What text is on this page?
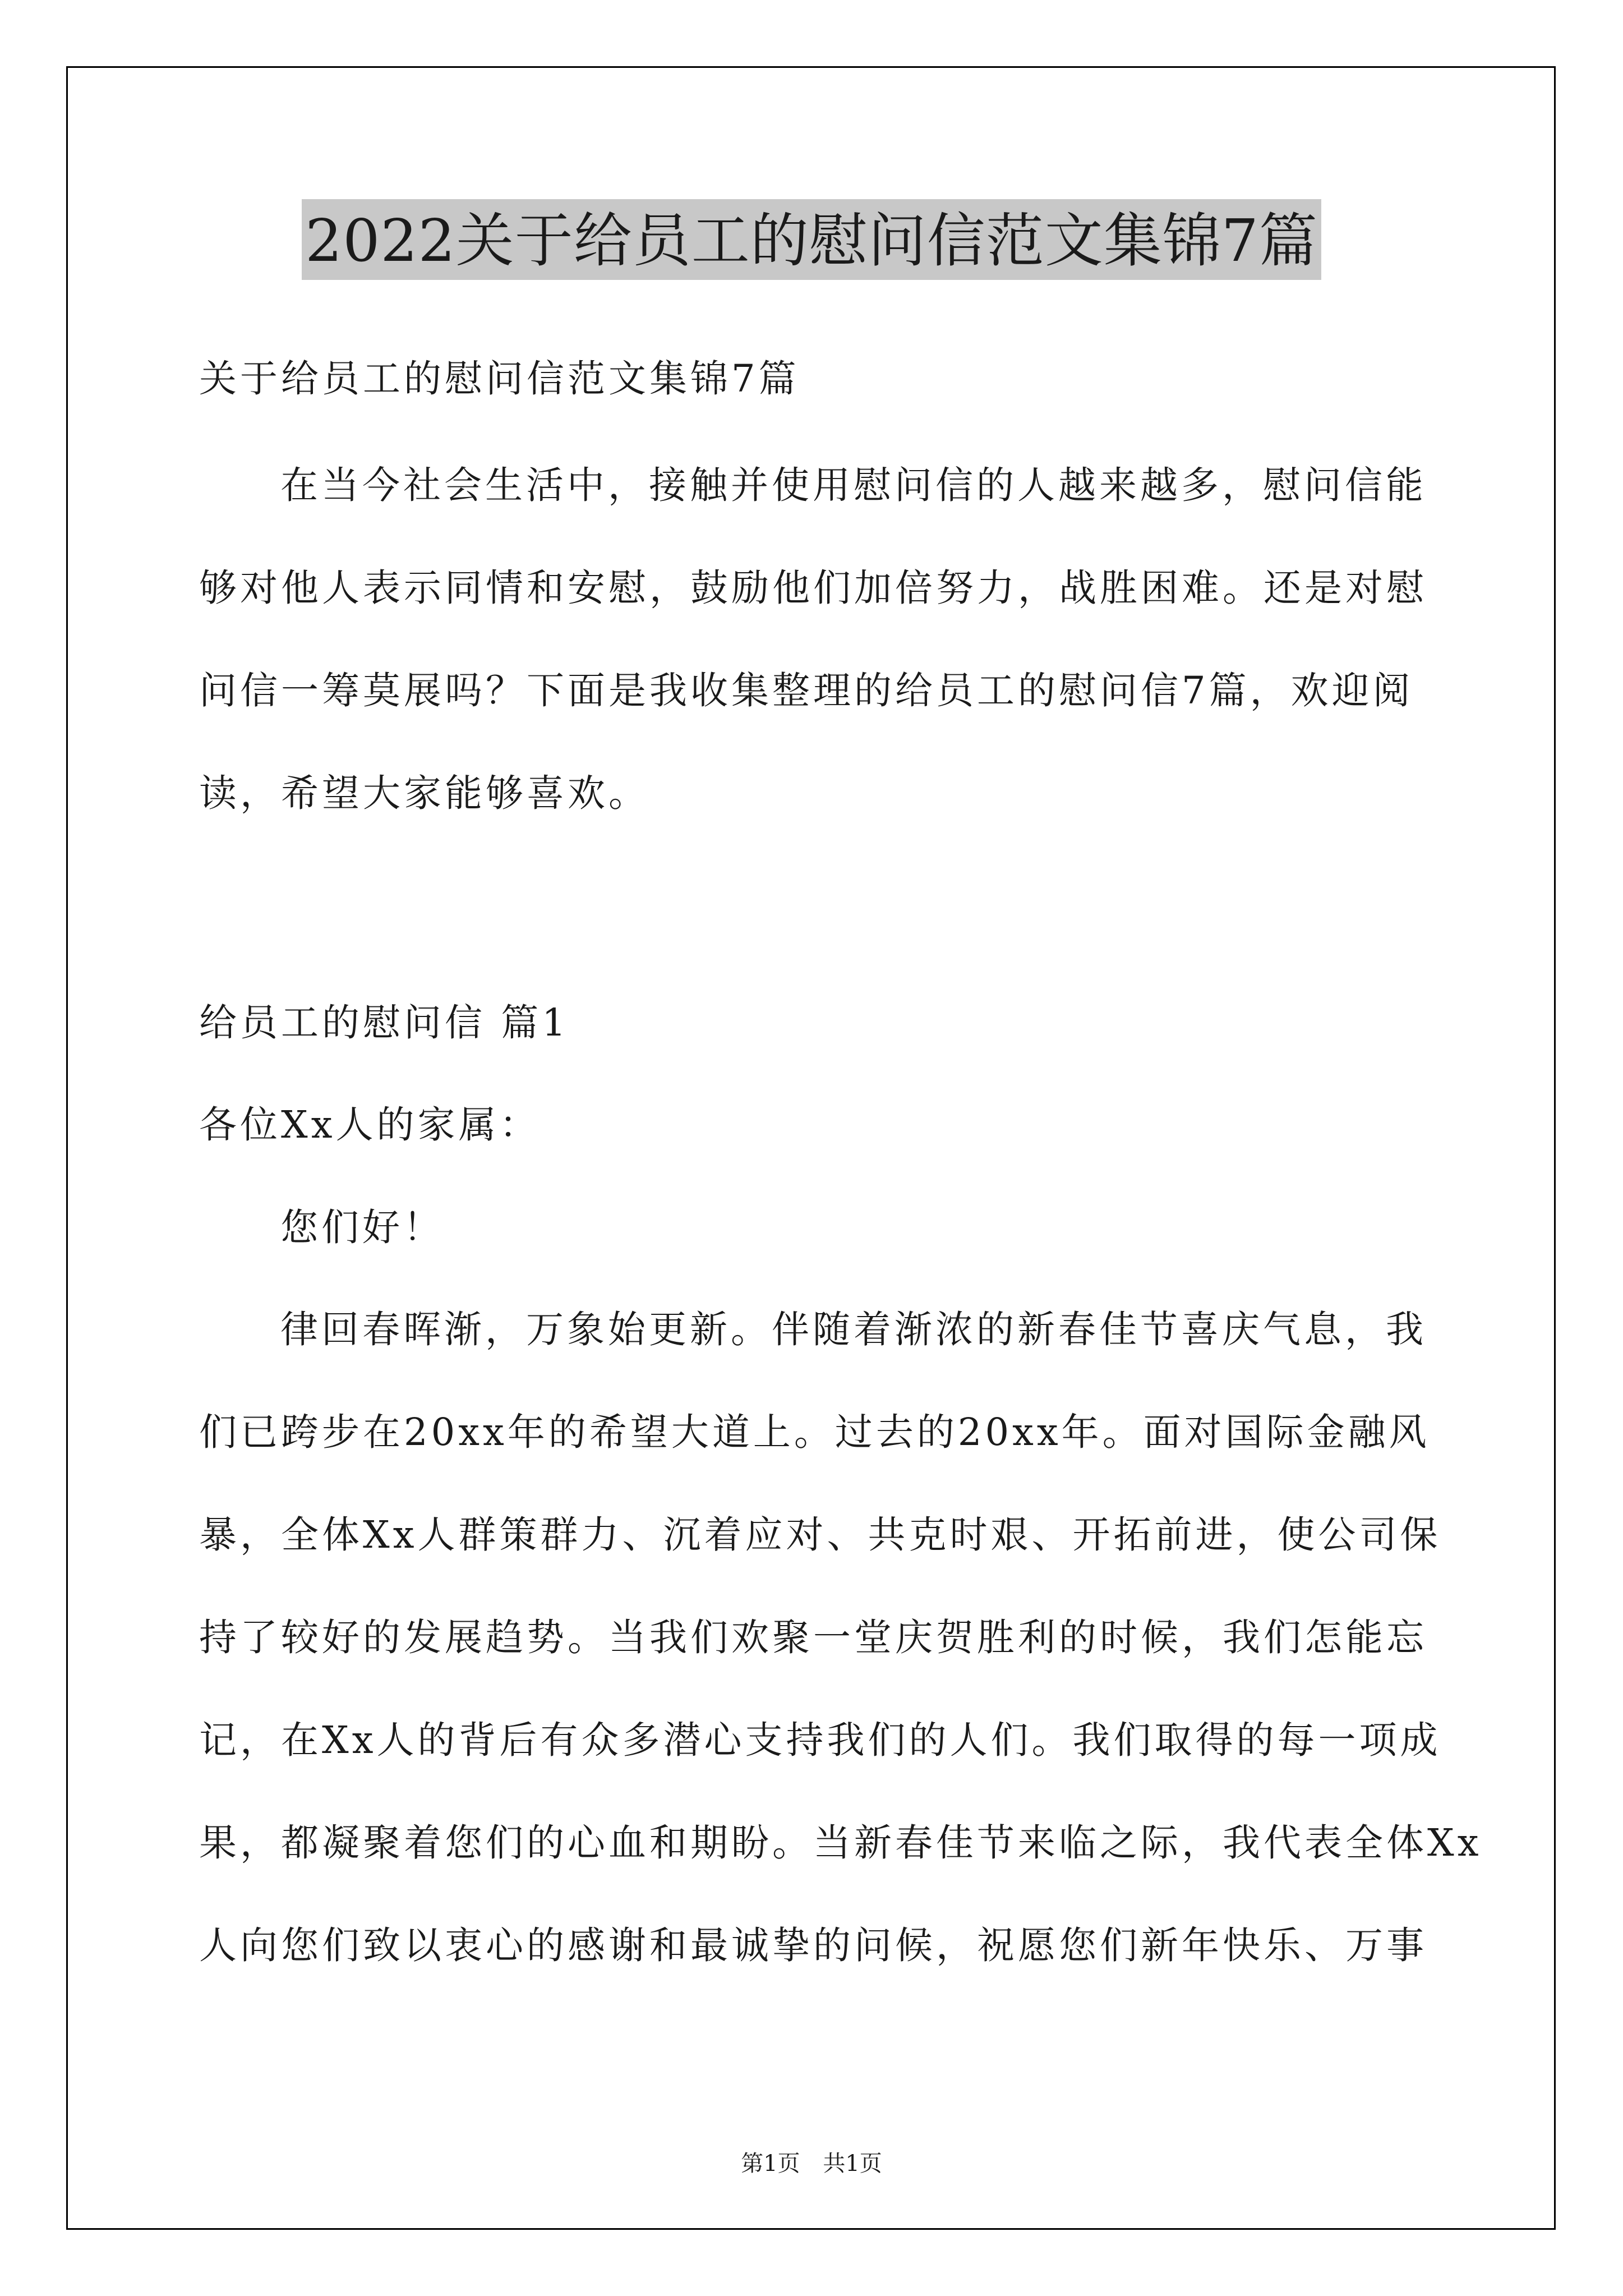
2022关于给员工的慰问信范文集锦7篇
关于给员工的慰问信范文集锦7篇
在当今社会生活中，接触并使用慰问信的人越来越多，慰问信能
够对他人表示同情和安慰，鼓励他们加倍努力，战胜困难。还是对慰
问信一筹莫展吗？下面是我收集整理的给员工的慰问信7篇，欢迎阅
读，希望大家能够喜欢。
给员工的慰问信 篇1
各位Xx人的家属：
您们好！
律回春晖渐，万象始更新。伴随着渐浓的新春佳节喜庆气息，我
们已跨步在20xx年的希望大道上。过去的20xx年。面对国际金融风
暴，全体Xx人群策群力、沉着应对、共克时艰、开拓前进，使公司保
持了较好的发展趋势。当我们欢聚一堂庆贺胜利的时候，我们怎能忘
记，在Xx人的背后有众多潜心支持我们的人们。我们取得的每一项成
果，都凝聚着您们的心血和期盼。当新春佳节来临之际，我代表全体Xx
人向您们致以衷心的感谢和最诚挚的问候，祝愿您们新年快乐、万事
第1页 共1页
